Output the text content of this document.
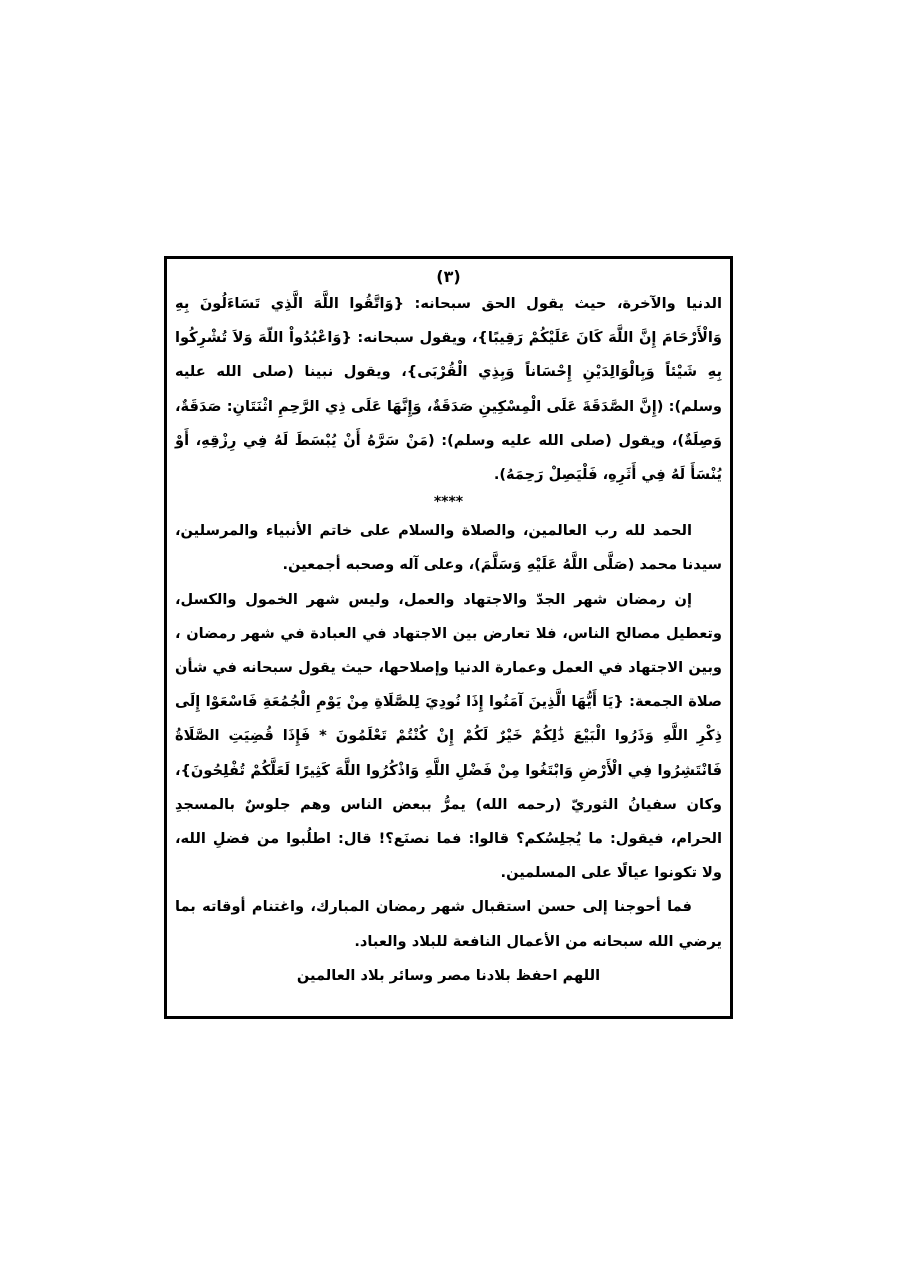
(٣)

الدنيا والآخرة، حيث يقول الحق سبحانه: {وَاتَّقُوا اللَّهَ الَّذِي تَسَاءَلُونَ بِهِ وَالْأَرْحَامَ إِنَّ اللَّهَ كَانَ عَلَيْكُمْ رَقِيبًا}، ويقول سبحانه: {وَاعْبُدُواْ اللّهَ وَلاَ تُشْرِكُوا بِهِ شَيْئاً وَبِالْوَالِدَيْنِ إِحْسَاناً وَبِذِي الْقُرْبَى}، ويقول نبينا (صلى الله عليه وسلم): (إِنَّ الصَّدَقَةَ عَلَى الْمِسْكِينِ صَدَقَةٌ، وَإِنَّهَا عَلَى ذِي الرَّحِمِ اثْنَتَانِ: صَدَقَةٌ، وَصِلَةٌ)، ويقول (صلى الله عليه وسلم): (مَنْ سَرَّهُ أَنْ يُبْسَطَ لَهُ فِي رِزْقِهِ، أَوْ يُنْسَأَ لَهُ فِي أَثَرِهِ، فَلْيَصِلْ رَحِمَهُ).

****

الحمد لله رب العالمين، والصلاة والسلام على خاتم الأنبياء والمرسلين، سيدنا محمد (صَلَّى اللَّهُ عَلَيْهِ وَسَلَّمَ)، وعلى آله وصحبه أجمعين.

إن رمضان شهر الجدّ والاجتهاد والعمل، وليس شهر الخمول والكسل، وتعطيل مصالح الناس، فلا تعارض بين الاجتهاد في العبادة في شهر رمضان ، وبين الاجتهاد في العمل وعمارة الدنيا وإصلاحها، حيث يقول سبحانه في شأن صلاة الجمعة: {يَا أَيُّهَا الَّذِينَ آمَنُوا إِذَا نُودِيَ لِلصَّلَاةِ مِنْ يَوْمِ الْجُمُعَةِ فَاسْعَوْا إِلَى ذِكْرِ اللَّهِ وَذَرُوا الْبَيْعَ ذَٰلِكُمْ خَيْرٌ لَكُمْ إِنْ كُنْتُمْ تَعْلَمُونَ * فَإِذَا قُضِيَتِ الصَّلَاةُ فَانْتَشِرُوا فِي الْأَرْضِ وَابْتَغُوا مِنْ فَضْلِ اللَّهِ وَاذْكُرُوا اللَّهَ كَثِيرًا لَعَلَّكُمْ تُفْلِحُونَ}، وكان سفيانُ الثوريّ (رحمه الله) يمرُّ ببعض الناس وهم جلوسٌ بالمسجدِ الحرام، فيقول: ما يُجلِسُكم؟ قالوا: فما نصنَع؟! قال: اطلُبوا من فضلِ الله، ولا تكونوا عيالًا على المسلمين.

فما أحوجنا إلى حسن استقبال شهر رمضان المبارك، واغتنام أوقاته بما يرضي الله سبحانه من الأعمال النافعة للبلاد والعباد.

اللهم احفظ بلادنا مصر وسائر بلاد العالمين
